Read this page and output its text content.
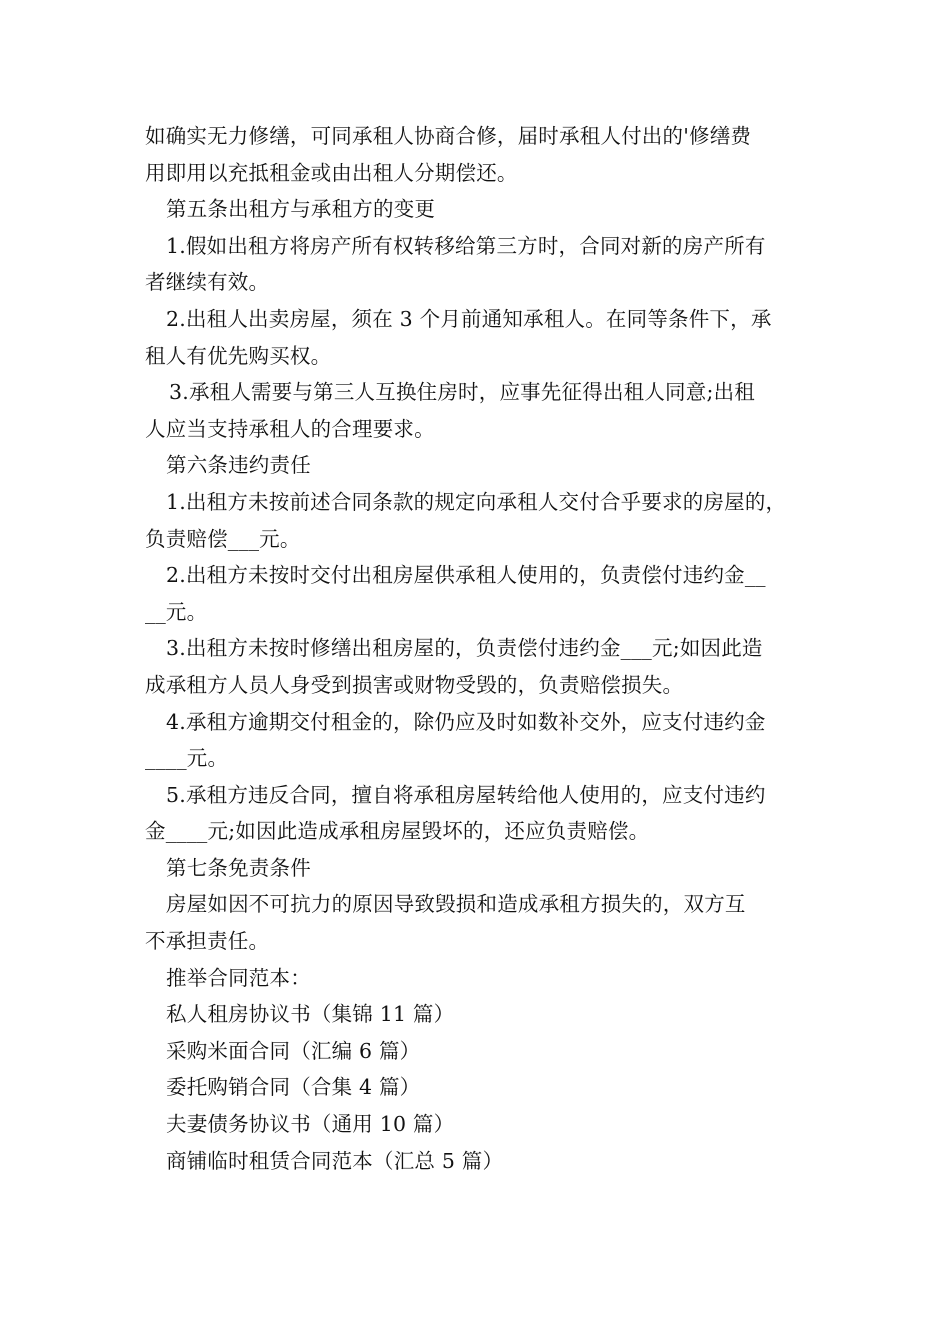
如确实无力修缮，可同承租人协商合修，届时承租人付出的'修缮费
用即用以充抵租金或由出租人分期偿还。
第五条出租方与承租方的变更
1.假如出租方将房产所有权转移给第三方时，合同对新的房产所有
者继续有效。
2.出租人出卖房屋，须在 3 个月前通知承租人。在同等条件下，承
租人有优先购买权。
3.承租人需要与第三人互换住房时，应事先征得出租人同意;出租
人应当支持承租人的合理要求。
第六条违约责任
1.出租方未按前述合同条款的规定向承租人交付合乎要求的房屋的，
负责赔偿___元。
2.出租方未按时交付出租房屋供承租人使用的，负责偿付违约金__
__元。
3.出租方未按时修缮出租房屋的，负责偿付违约金___元;如因此造
成承租方人员人身受到损害或财物受毁的，负责赔偿损失。
4.承租方逾期交付租金的，除仍应及时如数补交外，应支付违约金
____元。
5.承租方违反合同，擅自将承租房屋转给他人使用的，应支付违约
金____元;如因此造成承租房屋毁坏的，还应负责赔偿。
第七条免责条件
房屋如因不可抗力的原因导致毁损和造成承租方损失的，双方互
不承担责任。
推举合同范本：
私人租房协议书（集锦 11 篇）
采购米面合同（汇编 6 篇）
委托购销合同（合集 4 篇）
夫妻债务协议书（通用 10 篇）
商铺临时租赁合同范本（汇总 5 篇）
